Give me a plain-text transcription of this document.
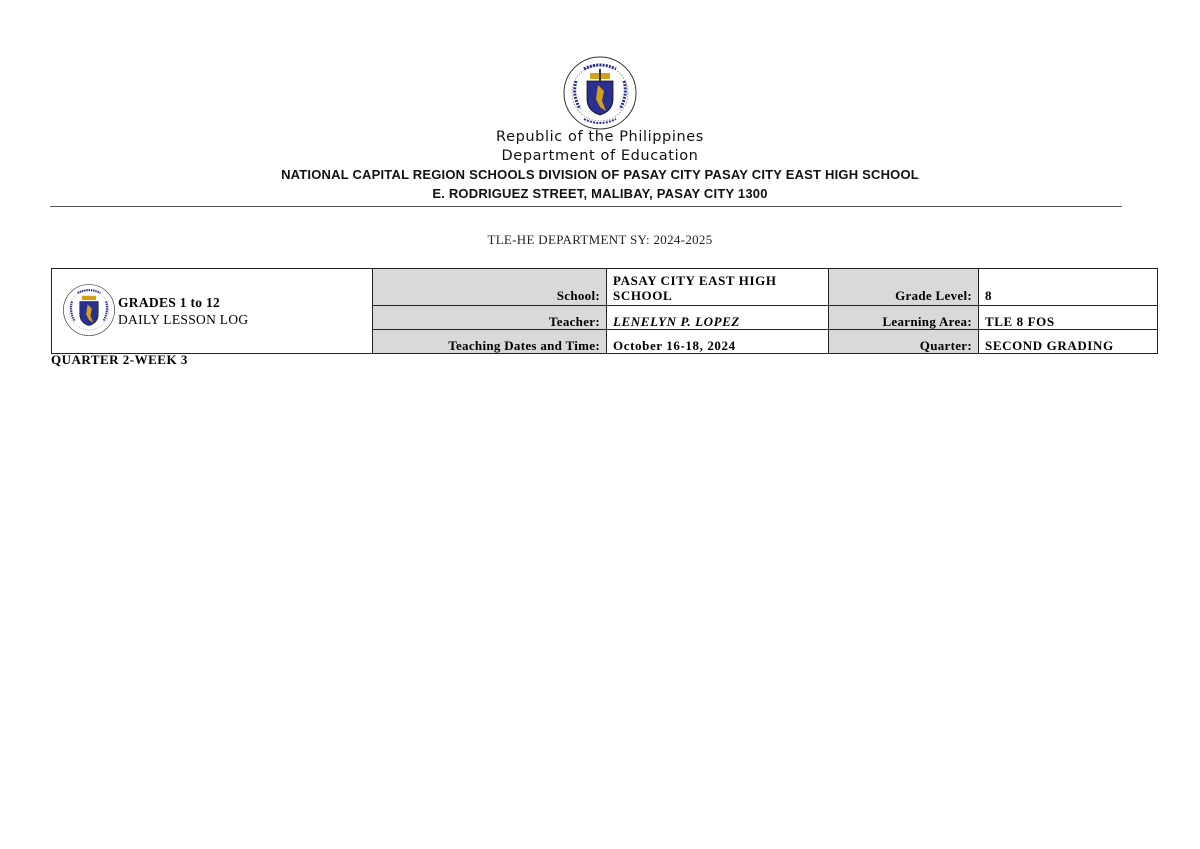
Republic of the Philippines
Department of Education
NATIONAL CAPITAL REGION SCHOOLS DIVISION OF PASAY CITY PASAY CITY EAST HIGH SCHOOL
E. RODRIGUEZ STREET, MALIBAY, PASAY CITY 1300
TLE-HE DEPARTMENT SY: 2024-2025
GRADES 1 to 12
DAILY LESSON LOG	School:	PASAY CITY EAST HIGH SCHOOL	Grade Level:	8
	Teacher:	LENELYN P. LOPEZ	Learning Area:	TLE 8 FOS
	Teaching Dates and Time:	October 16-18, 2024	Quarter:	SECOND GRADING
QUARTER 2-WEEK 3
